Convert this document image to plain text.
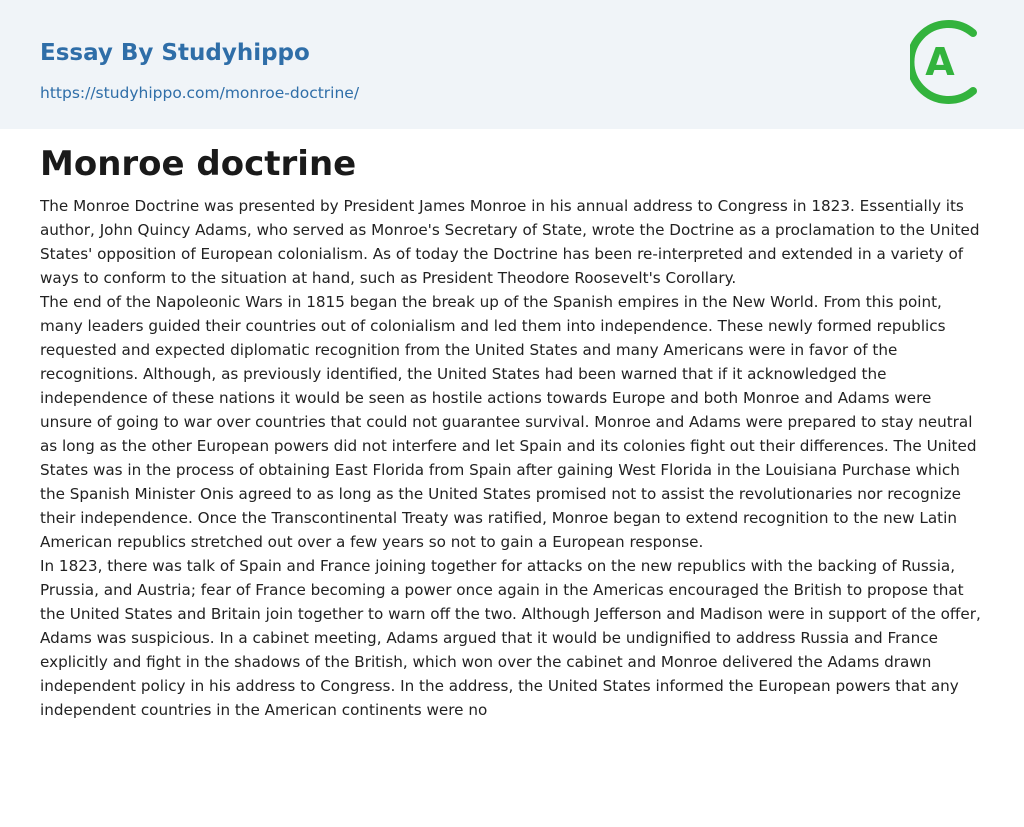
Essay By Studyhippo
https://studyhippo.com/monroe-doctrine/
A
Monroe doctrine

The Monroe Doctrine was presented by President James Monroe in his annual address to Congress in 1823. Essentially its author, John Quincy Adams, who served as Monroe's Secretary of State, wrote the Doctrine as a proclamation to the United States' opposition of European colonialism. As of today the Doctrine has been re-interpreted and extended in a variety of ways to conform to the situation at hand, such as President Theodore Roosevelt's Corollary.

The end of the Napoleonic Wars in 1815 began the break up of the Spanish empires in the New World. From this point, many leaders guided their countries out of colonialism and led them into independence. These newly formed republics requested and expected diplomatic recognition from the United States and many Americans were in favor of the recognitions. Although, as previously identified, the United States had been warned that if it acknowledged the independence of these nations it would be seen as hostile actions towards Europe and both Monroe and Adams were unsure of going to war over countries that could not guarantee survival. Monroe and Adams were prepared to stay neutral as long as the other European powers did not interfere and let Spain and its colonies fight out their differences. The United States was in the process of obtaining East Florida from Spain after gaining West Florida in the Louisiana Purchase which the Spanish Minister Onis agreed to as long as the United States promised not to assist the revolutionaries nor recognize their independence. Once the Transcontinental Treaty was ratified, Monroe began to extend recognition to the new Latin American republics stretched out over a few years so not to gain a European response.

In 1823, there was talk of Spain and France joining together for attacks on the new republics with the backing of Russia, Prussia, and Austria; fear of France becoming a power once again in the Americas encouraged the British to propose that the United States and Britain join together to warn off the two. Although Jefferson and Madison were in support of the offer, Adams was suspicious. In a cabinet meeting, Adams argued that it would be undignified to address Russia and France explicitly and fight in the shadows of the British, which won over the cabinet and Monroe delivered the Adams drawn independent policy in his address to Congress. In the address, the United States informed the European powers that any independent countries in the American continents were no
